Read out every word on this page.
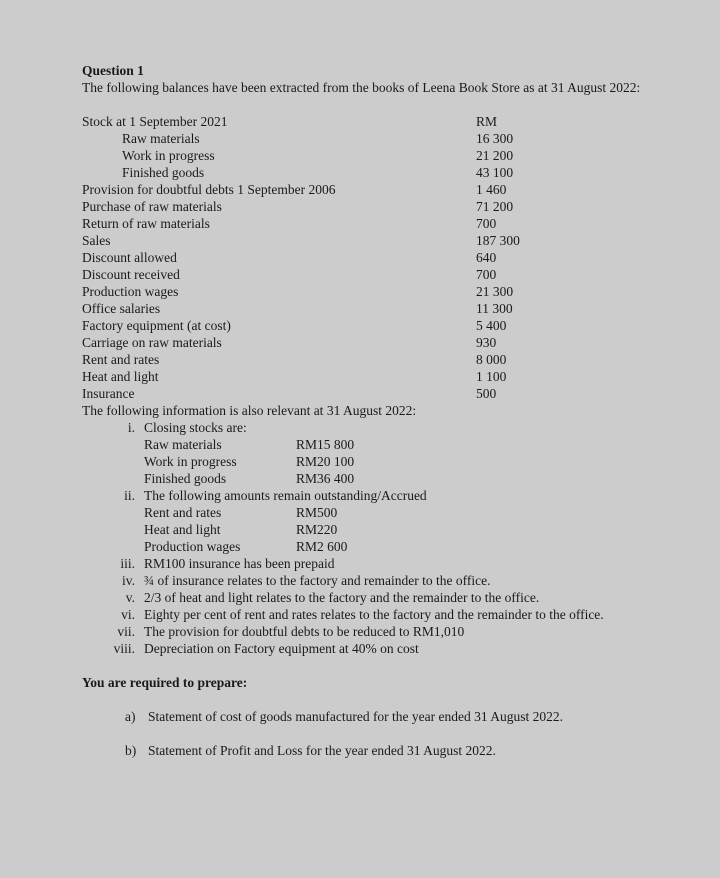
Question 1
The following balances have been extracted from the books of Leena Book Store as at 31 August 2022:
Stock at 1 September 2021	RM
Raw materials	16 300
Work in progress	21 200
Finished goods	43 100
Provision for doubtful debts 1 September 2006	1 460
Purchase of raw materials	71 200
Return of raw materials	700
Sales	187 300
Discount allowed	640
Discount received	700
Production wages	21 300
Office salaries	11 300
Factory equipment (at cost)	5 400
Carriage on raw materials	930
Rent and rates	8 000
Heat and light	1 100
Insurance	500
The following information is also relevant at 31 August 2022:
i. Closing stocks are:
Raw materials	RM15 800
Work in progress	RM20 100
Finished goods	RM36 400
ii. The following amounts remain outstanding/Accrued
Rent and rates	RM500
Heat and light	RM220
Production wages	RM2 600
iii. RM100 insurance has been prepaid
iv. ¾ of insurance relates to the factory and remainder to the office.
v. 2/3 of heat and light relates to the factory and the remainder to the office.
vi. Eighty per cent of rent and rates relates to the factory and the remainder to the office.
vii. The provision for doubtful debts to be reduced to RM1,010
viii. Depreciation on Factory equipment at 40% on cost
You are required to prepare:
a) Statement of cost of goods manufactured for the year ended 31 August 2022.
b) Statement of Profit and Loss for the year ended 31 August 2022.
